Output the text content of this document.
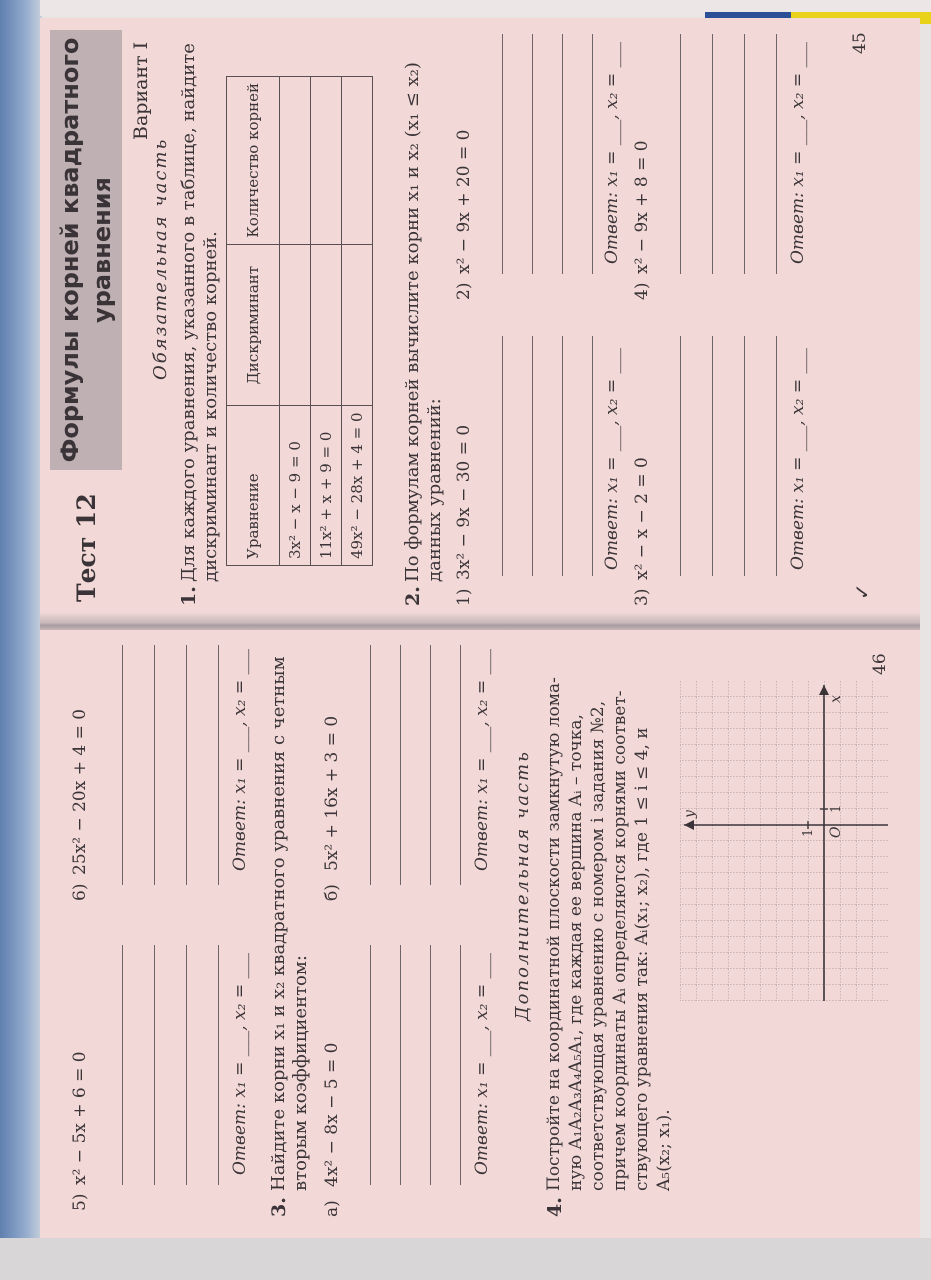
Тест 12
Формулы корней квадратного уравнения
Вариант I
Обязательная часть
1.
Для каждого уравнения, указанного в таблице, найдите дискриминант и количество корней. Уравнение	Дискриминант	Количество корней
3x² − x − 9 = 0		
11x² + x + 9 = 0		
49x² − 28x + 4 = 0		
2.
По формулам корней вычислите корни x₁ и x₂ (x₁ ≤ x₂) данных уравнений:
1)
3x² − 9x − 30 = 0
2)
x² − 9x + 20 = 0
Ответ: x₁ = ___, x₂ = ___
Ответ: x₁ = ___, x₂ = ___
3)
x² − x − 2 = 0
4)
x² − 9x + 8 = 0
Ответ: x₁ = ___, x₂ = ___
Ответ: x₁ = ___, x₂ = ___ 45
✓
5)
x² − 5x + 6 = 0
6)
25x² − 20x + 4 = 0
Ответ: x₁ = ___, x₂ = ___
Ответ: x₁ = ___, x₂ = ___
3.
Найдите корни x₁ и x₂ квадратного уравнения с четным вторым коэффициентом:
а)
4x² − 8x − 5 = 0
б)
5x² + 16x + 3 = 0
Ответ: x₁ = ___, x₂ = ___
Ответ: x₁ = ___, x₂ = ___ Дополнительная часть
4.
Постройте на координатной плоскости замкнутую лома- ную A₁A₂A₃A₄A₅A₁, где каждая ее вершина Aᵢ – точка, соответствующая уравнению с номером i задания №2, причем координаты Aᵢ определяются корнями соответ- ствующего уравнения так: Aᵢ(x₁; x₂), где 1 ≤ i ≤ 4, и A₅(x₂; x₁).
x
y
O
1
1
46
